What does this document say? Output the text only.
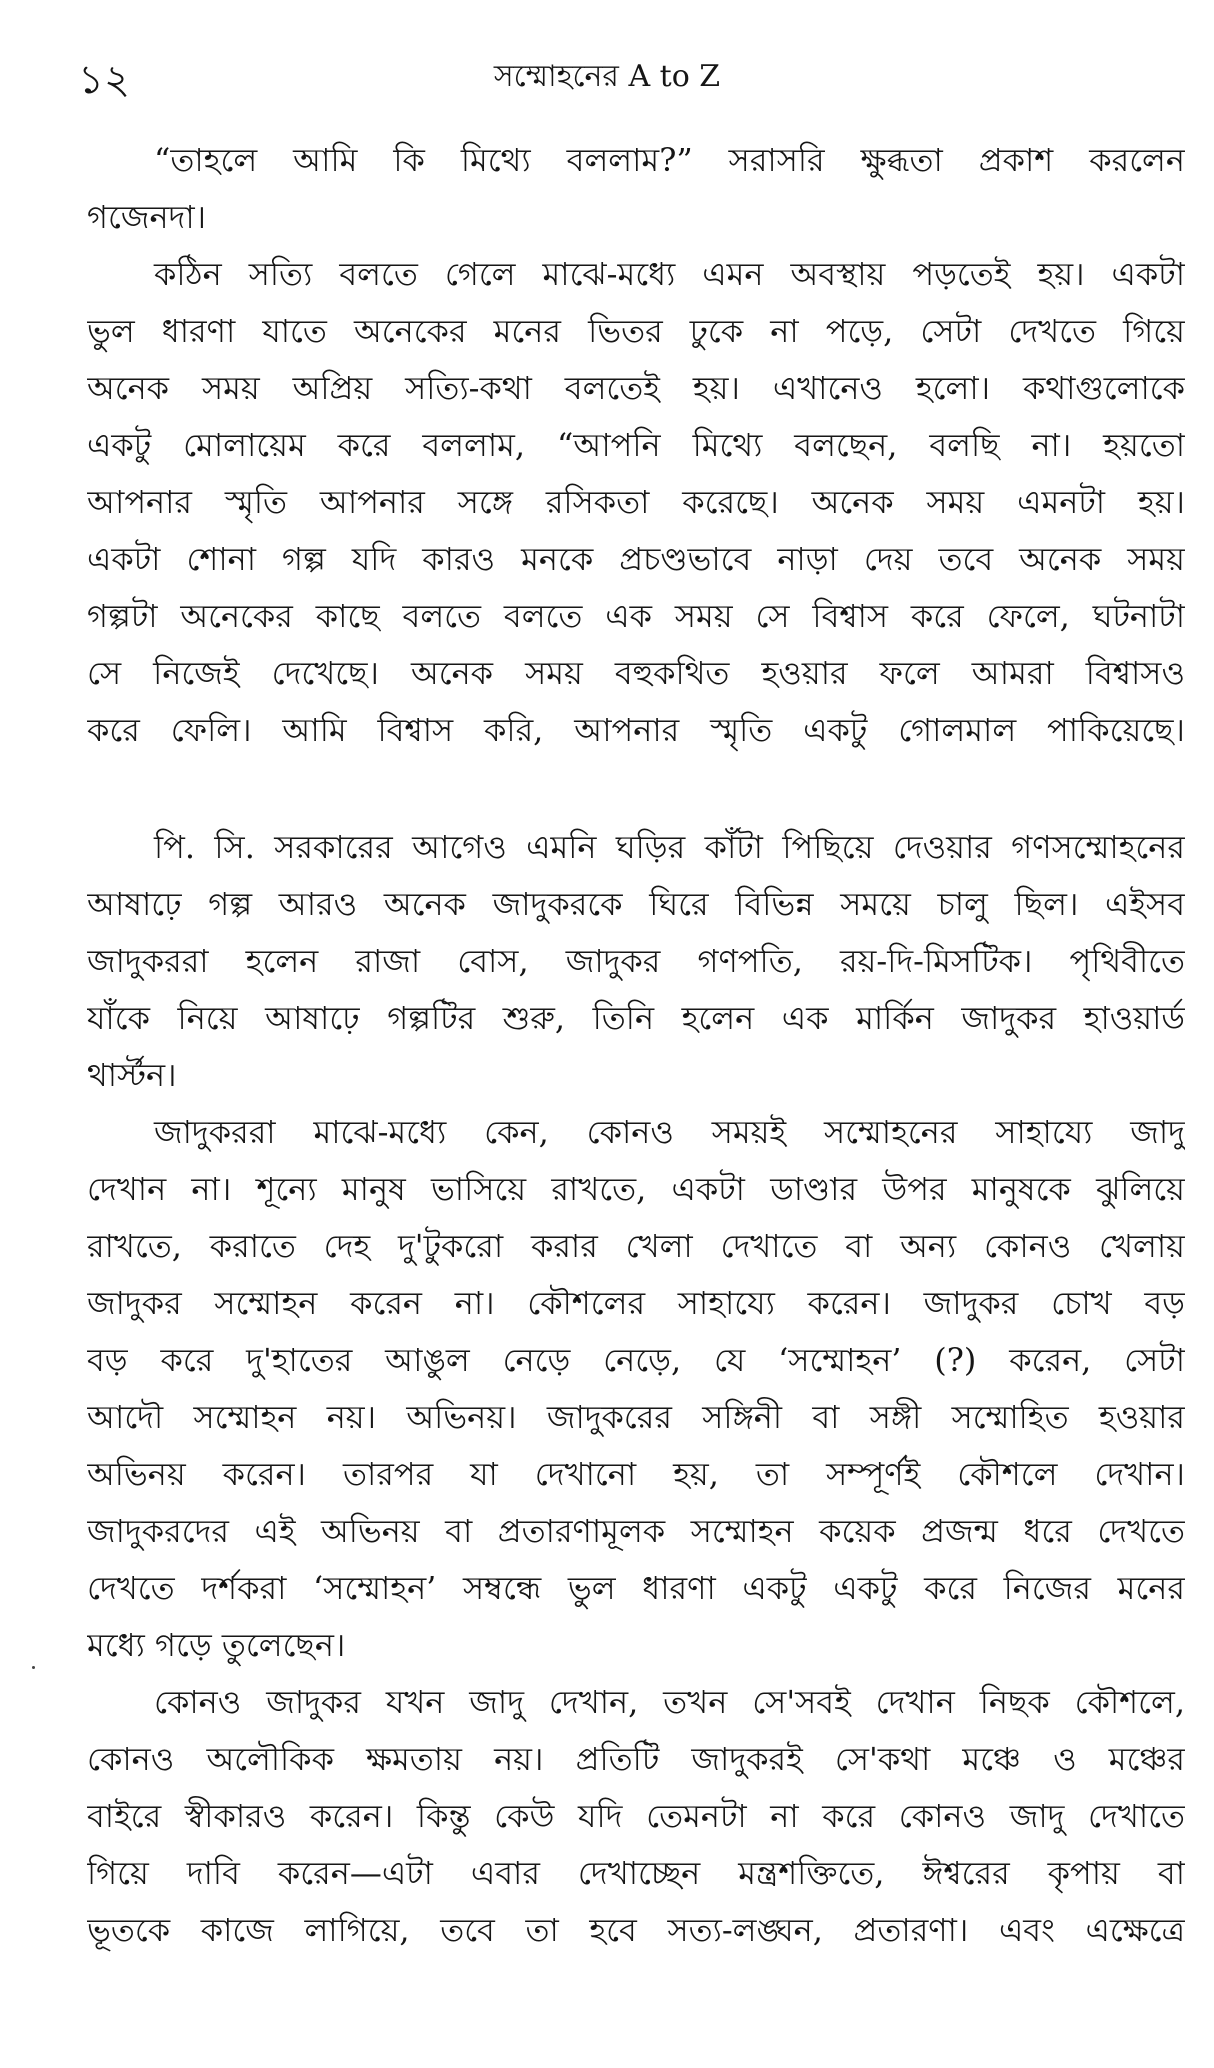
১২	সম্মোহনের A to Z
“তাহলে আমি কি মিথ্যে বললাম?” সরাসরি ক্ষুব্ধতা প্রকাশ করলেন
গজেনদা।
কঠিন সত্যি বলতে গেলে মাঝে-মধ্যে এমন অবস্থায় পড়তেই হয়। একটা
ভুল ধারণা যাতে অনেকের মনের ভিতর ঢুকে না পড়ে, সেটা দেখতে গিয়ে
অনেক সময় অপ্রিয় সত্যি-কথা বলতেই হয়। এখানেও হলো। কথাগুলোকে
একটু মোলায়েম করে বললাম, “আপনি মিথ্যে বলছেন, বলছি না। হয়তো
আপনার স্মৃতি আপনার সঙ্গে রসিকতা করেছে। অনেক সময় এমনটা হয়।
একটা শোনা গল্প যদি কারও মনকে প্রচণ্ডভাবে নাড়া দেয় তবে অনেক সময়
গল্পটা অনেকের কাছে বলতে বলতে এক সময় সে বিশ্বাস করে ফেলে, ঘটনাটা
সে নিজেই দেখেছে। অনেক সময় বহুকথিত হওয়ার ফলে আমরা বিশ্বাসও
করে ফেলি। আমি বিশ্বাস করি, আপনার স্মৃতি একটু গোলমাল পাকিয়েছে।
পি. সি. সরকারের আগেও এমনি ঘড়ির কাঁটা পিছিয়ে দেওয়ার গণসম্মোহনের
আষাঢ়ে গল্প আরও অনেক জাদুকরকে ঘিরে বিভিন্ন সময়ে চালু ছিল। এইসব
জাদুকররা হলেন রাজা বোস, জাদুকর গণপতি, রয়-দি-মিসটিক। পৃথিবীতে
যাঁকে নিয়ে আষাঢ়ে গল্পটির শুরু, তিনি হলেন এক মার্কিন জাদুকর হাওয়ার্ড
থার্স্টন।
জাদুকররা মাঝে-মধ্যে কেন, কোনও সময়ই সম্মোহনের সাহায্যে জাদু
দেখান না। শূন্যে মানুষ ভাসিয়ে রাখতে, একটা ডাণ্ডার উপর মানুষকে ঝুলিয়ে
রাখতে, করাতে দেহ দু'টুকরো করার খেলা দেখাতে বা অন্য কোনও খেলায়
জাদুকর সম্মোহন করেন না। কৌশলের সাহায্যে করেন। জাদুকর চোখ বড়
বড় করে দু'হাতের আঙুল নেড়ে নেড়ে, যে ‘সম্মোহন’ (?) করেন, সেটা
আদৌ সম্মোহন নয়। অভিনয়। জাদুকরের সঙ্গিনী বা সঙ্গী সম্মোহিত হওয়ার
অভিনয় করেন। তারপর যা দেখানো হয়, তা সম্পূর্ণই কৌশলে দেখান।
জাদুকরদের এই অভিনয় বা প্রতারণামূলক সম্মোহন কয়েক প্রজন্ম ধরে দেখতে
দেখতে দর্শকরা ‘সম্মোহন’ সম্বন্ধে ভুল ধারণা একটু একটু করে নিজের মনের
মধ্যে গড়ে তুলেছেন।
কোনও জাদুকর যখন জাদু দেখান, তখন সে'সবই দেখান নিছক কৌশলে,
কোনও অলৌকিক ক্ষমতায় নয়। প্রতিটি জাদুকরই সে'কথা মঞ্চে ও মঞ্চের
বাইরে স্বীকারও করেন। কিন্তু কেউ যদি তেমনটা না করে কোনও জাদু দেখাতে
গিয়ে দাবি করেন—এটা এবার দেখাচ্ছেন মন্ত্রশক্তিতে, ঈশ্বরের কৃপায় বা
ভূতকে কাজে লাগিয়ে, তবে তা হবে সত্য-লঙ্ঘন, প্রতারণা। এবং এক্ষেত্রে
